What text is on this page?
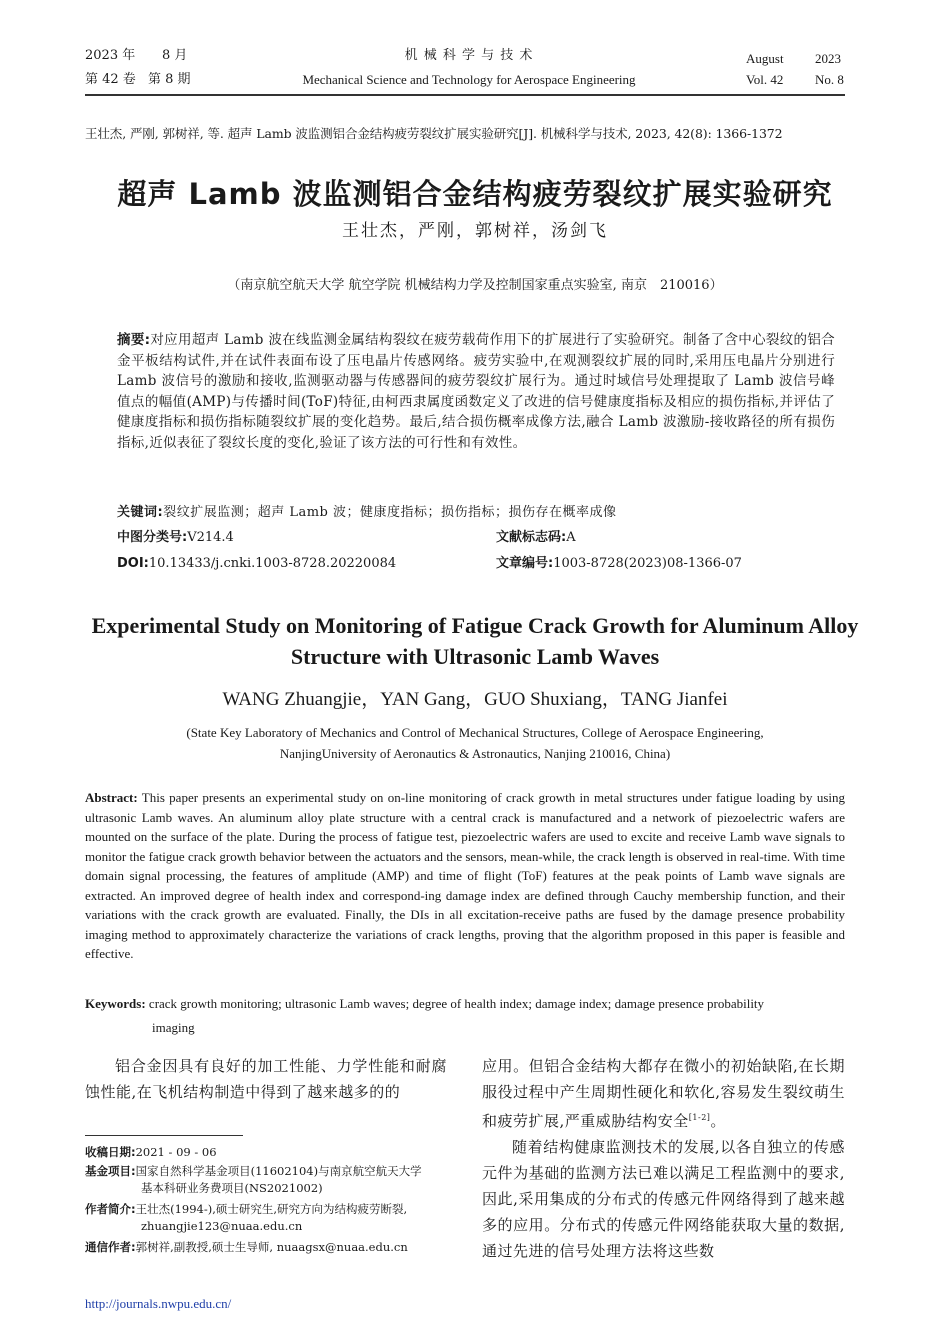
2023 年 8 月
第 42 卷 第 8 期
机 械 科 学 与 技 术
Mechanical Science and Technology for Aerospace Engineering
August 2023
Vol. 42 No. 8
王壮杰, 严刚, 郭树祥, 等. 超声 Lamb 波监测铝合金结构疲劳裂纹扩展实验研究[J]. 机械科学与技术, 2023, 42(8): 1366-1372
超声 Lamb 波监测铝合金结构疲劳裂纹扩展实验研究
王壮杰，严刚，郭树祥，汤剑飞
（南京航空航天大学 航空学院 机械结构力学及控制国家重点实验室, 南京　210016）
摘要:对应用超声 Lamb 波在线监测金属结构裂纹在疲劳载荷作用下的扩展进行了实验研究。制备了含中心裂纹的铝合金平板结构试件,并在试件表面布设了压电晶片传感网络。疲劳实验中,在观测裂纹扩展的同时,采用压电晶片分别进行 Lamb 波信号的激励和接收,监测驱动器与传感器间的疲劳裂纹扩展行为。通过时域信号处理提取了 Lamb 波信号峰值点的幅值(AMP)与传播时间(ToF)特征,由柯西隶属度函数定义了改进的信号健康度指标及相应的损伤指标,并评估了健康度指标和损伤指标随裂纹扩展的变化趋势。最后,结合损伤概率成像方法,融合 Lamb 波激励-接收路径的所有损伤指标,近似表征了裂纹长度的变化,验证了该方法的可行性和有效性。
关键词:裂纹扩展监测；超声 Lamb 波；健康度指标；损伤指标；损伤存在概率成像
中图分类号:V214.4	文献标志码:A
DOI:10.13433/j.cnki.1003-8728.20220084	文章编号:1003-8728(2023)08-1366-07
Experimental Study on Monitoring of Fatigue Crack Growth for Aluminum Alloy Structure with Ultrasonic Lamb Waves
WANG Zhuangjie，YAN Gang，GUO Shuxiang，TANG Jianfei
(State Key Laboratory of Mechanics and Control of Mechanical Structures, College of Aerospace Engineering,
NanjingUniversity of Aeronautics & Astronautics, Nanjing 210016, China)
Abstract: This paper presents an experimental study on on-line monitoring of crack growth in metal structures under fatigue loading by using ultrasonic Lamb waves. An aluminum alloy plate structure with a central crack is manufactured and a network of piezoelectric wafers are mounted on the surface of the plate. During the process of fatigue test, piezoelectric wafers are used to excite and receive Lamb wave signals to monitor the fatigue crack growth behavior between the actuators and the sensors, mean-while, the crack length is observed in real-time. With time domain signal processing, the features of amplitude (AMP) and time of flight (ToF) features at the peak points of Lamb wave signals are extracted. An improved degree of health index and correspond-ing damage index are defined through Cauchy membership function, and their variations with the crack growth are evaluated. Finally, the DIs in all excitation-receive paths are fused by the damage presence probability imaging method to approximately characterize the variations of crack lengths, proving that the algorithm proposed in this paper is feasible and effective.
Keywords: crack growth monitoring; ultrasonic Lamb waves; degree of health index; damage index; damage presence probability
imaging
铝合金因具有良好的加工性能、力学性能和耐腐蚀性能,在飞机结构制造中得到了越来越多的的
应用。但铝合金结构大都存在微小的初始缺陷,在长期服役过程中产生周期性硬化和软化,容易发生裂纹萌生和疲劳扩展,严重威胁结构安全[1-2]。
随着结构健康监测技术的发展,以各自独立的传感元件为基础的监测方法已难以满足工程监测中的要求,因此,采用集成的分布式的传感元件网络得到了越来越多的应用。分布式的传感元件网络能获取大量的数据,通过先进的信号处理方法将这些数
收稿日期:2021 - 09 - 06
基金项目:国家自然科学基金项目(11602104)与南京航空航天大学
基本科研业务费项目(NS2021002)
作者简介:王壮杰(1994-),硕士研究生,研究方向为结构疲劳断裂,
zhuangjie123@nuaa.edu.cn
通信作者:郭树祥,副教授,硕士生导师, nuaagsx@nuaa.edu.cn
http://journals.nwpu.edu.cn/
